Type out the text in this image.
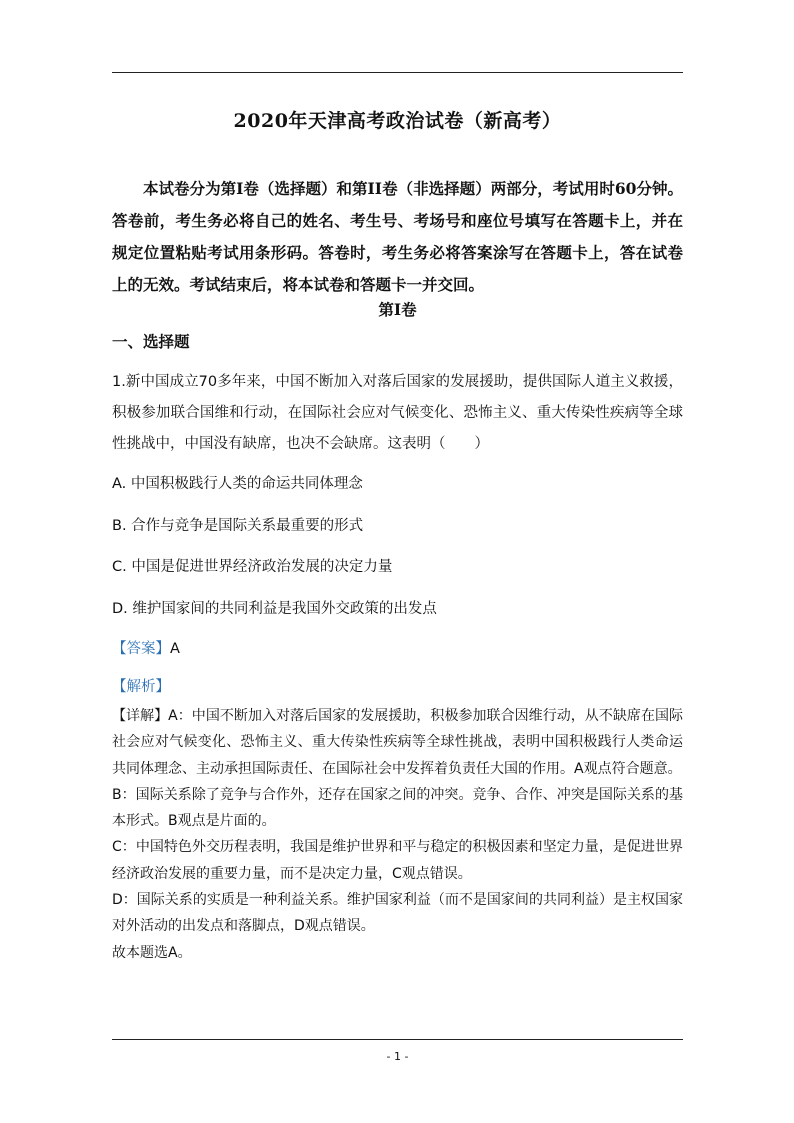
2020年天津高考政治试卷（新高考）

本试卷分为第I卷（选择题）和第II卷（非选择题）两部分，考试用时60分钟。答卷前，考生务必将自己的姓名、考生号、考场号和座位号填写在答题卡上，并在规定位置粘贴考试用条形码。答卷时，考生务必将答案涂写在答题卡上，答在试卷上的无效。考试结束后，将本试卷和答题卡一并交回。

第I卷
一、选择题
1.新中国成立70多年来，中国不断加入对落后国家的发展援助，提供国际人道主义救援，积极参加联合国维和行动，在国际社会应对气候变化、恐怖主义、重大传染性疾病等全球性挑战中，中国没有缺席，也决不会缺席。这表明（　　）
A. 中国积极践行人类的命运共同体理念
B. 合作与竞争是国际关系最重要的形式
C. 中国是促进世界经济政治发展的决定力量
D. 维护国家间的共同利益是我国外交政策的出发点
【答案】A
【解析】

【详解】A：中国不断加入对落后国家的发展援助，积极参加联合因维行动，从不缺席在国际社会应对气候变化、恐怖主义、重大传染性疾病等全球性挑战，表明中国积极践行人类命运共同体理念、主动承担国际责任、在国际社会中发挥着负责任大国的作用。A观点符合题意。

B：国际关系除了竞争与合作外，还存在国家之间的冲突。竞争、合作、冲突是国际关系的基本形式。B观点是片面的。

C：中国特色外交历程表明，我国是维护世界和平与稳定的积极因素和坚定力量，是促进世界经济政治发展的重要力量，而不是决定力量，C观点错误。

D：国际关系的实质是一种利益关系。维护国家利益（而不是国家间的共同利益）是主权国家对外活动的出发点和落脚点，D观点错误。

故本题选A。

- 1 -
